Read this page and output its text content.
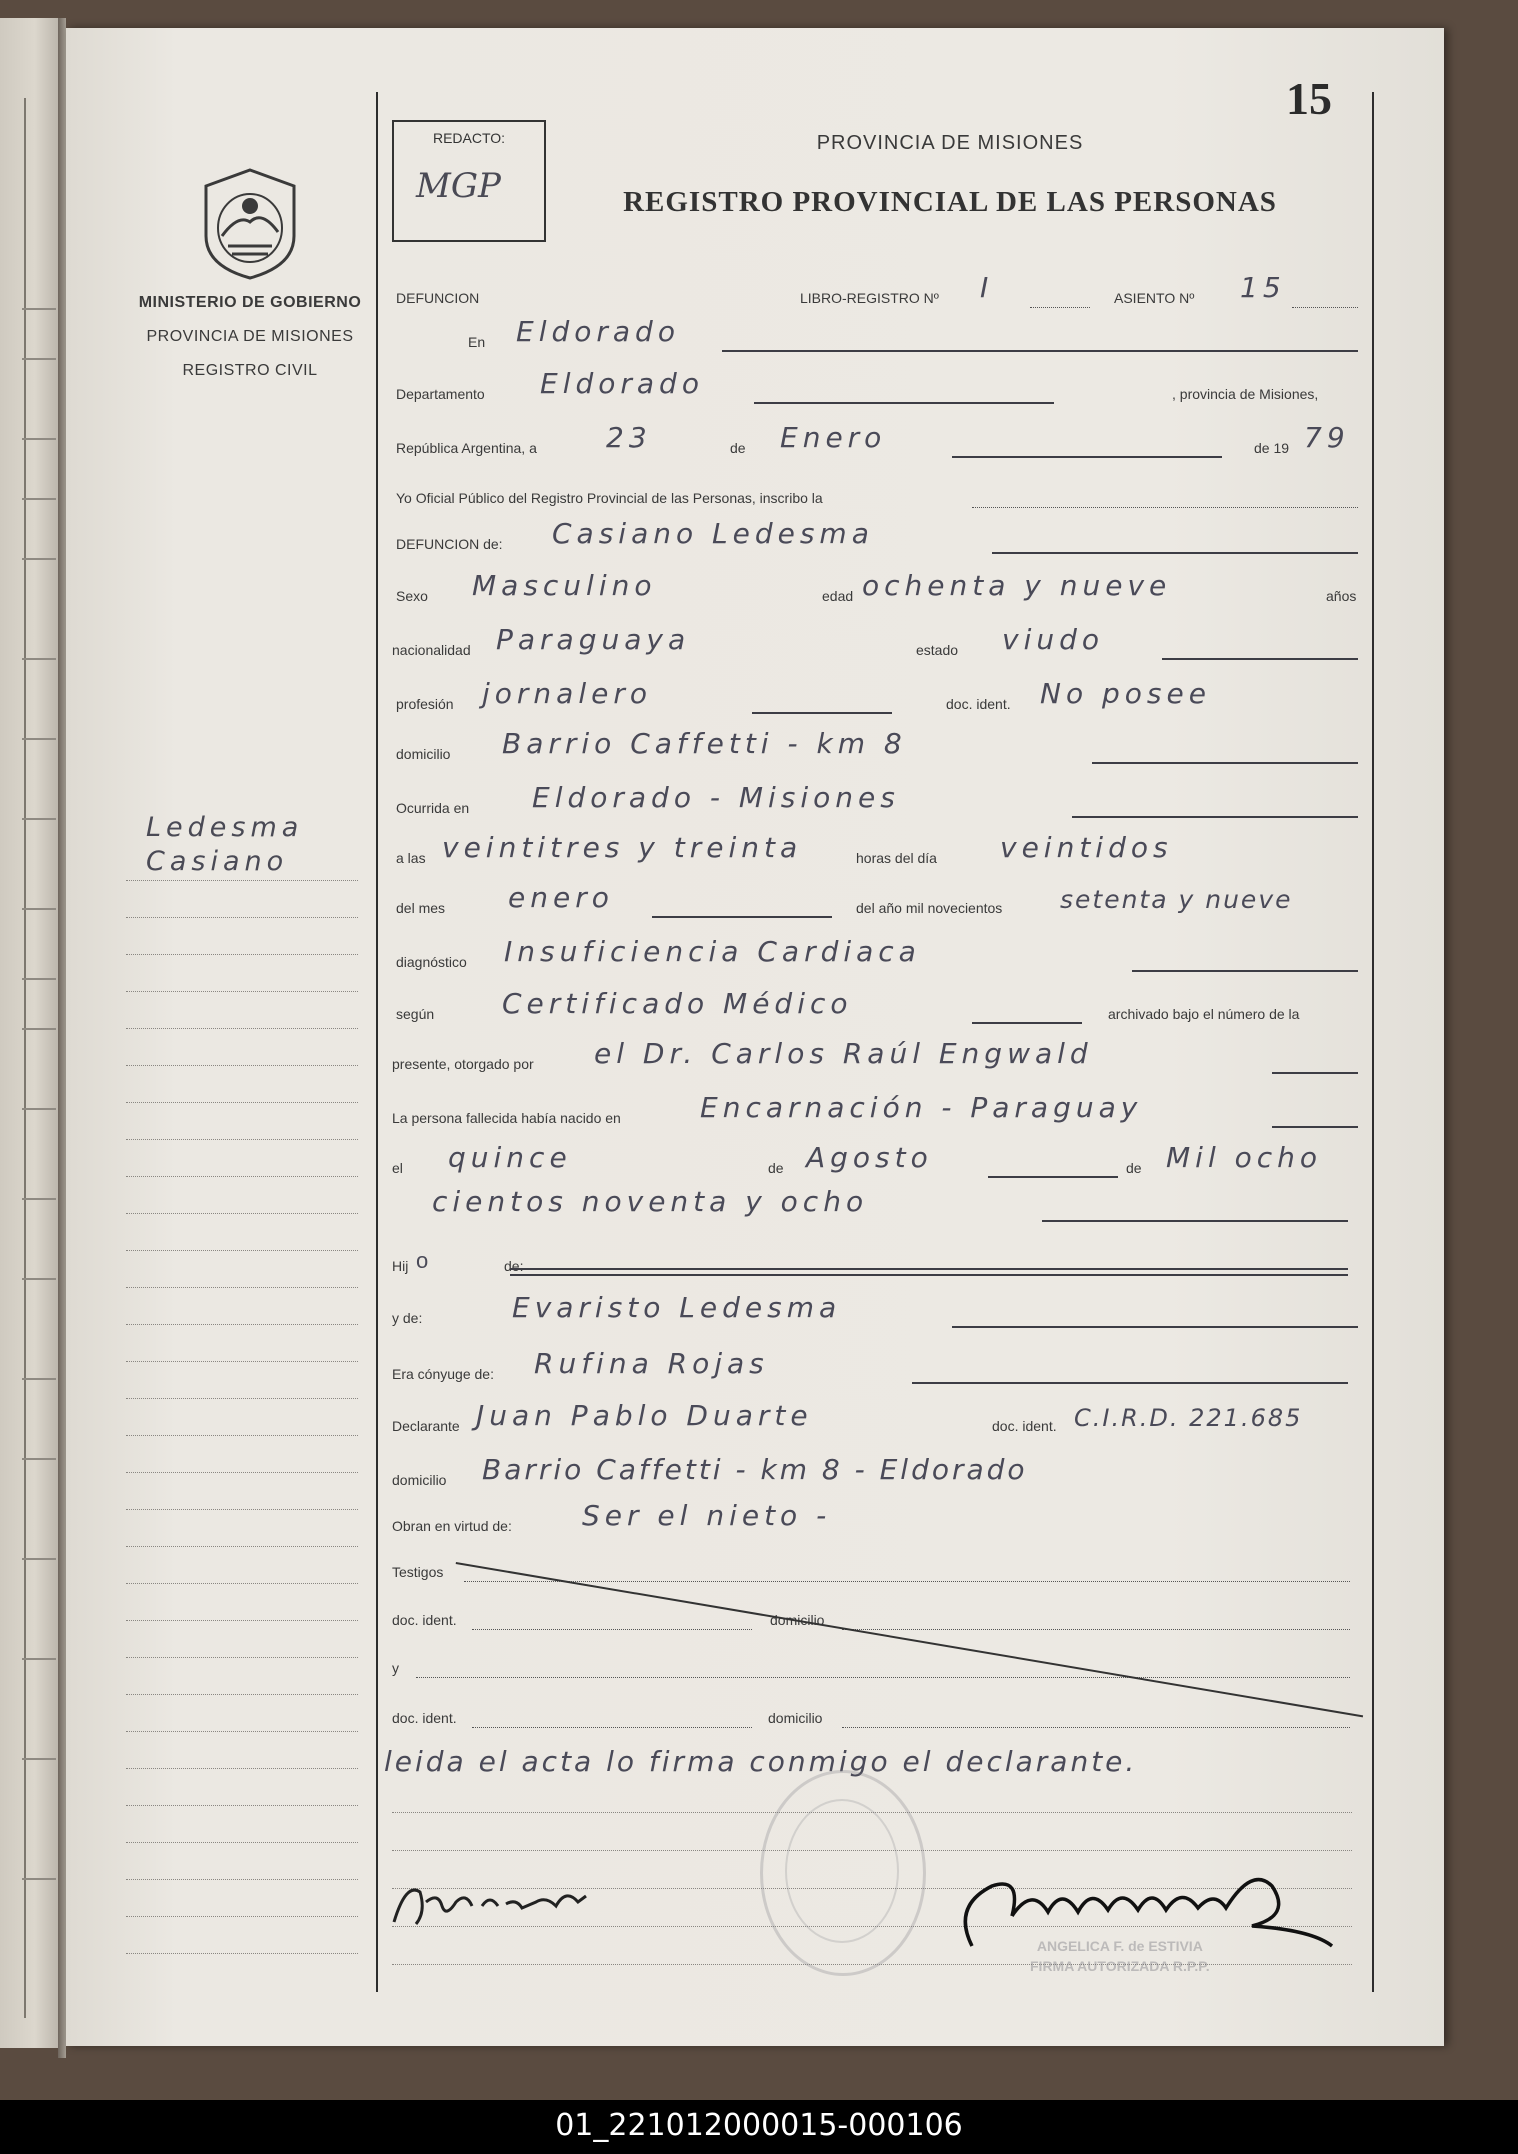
15
MINISTERIO DE GOBIERNO
PROVINCIA DE MISIONES
REGISTRO CIVIL
Ledesma
Casiano
REDACTO:
MGP
PROVINCIA DE MISIONES
REGISTRO PROVINCIAL DE LAS PERSONAS
DEFUNCION	LIBRO-REGISTRO Nº I	ASIENTO Nº 15
En Eldorado
Departamento Eldorado	, provincia de Misiones,
República Argentina, a 23	de Enero	de 19 79
Yo Oficial Público del Registro Provincial de las Personas, inscribo la
DEFUNCION de: Casiano Ledesma
Sexo Masculino	edad ochenta y nueve	años
nacionalidad Paraguaya	estado viudo
profesión jornalero	doc. ident. No posee
domicilio Barrio Caffetti - km 8
Ocurrida en Eldorado - Misiones
a las veintitres y treinta	horas del día veintidos
del mes enero	del año mil novecientos setenta y nueve
diagnóstico Insuficiencia Cardiaca
según Certificado Médico	archivado bajo el número de la
presente, otorgado por el Dr. Carlos Raúl Engwald
La persona fallecida había nacido en	Encarnación - Paraguay
el quince	de Agosto	de Mil ocho
cientos noventa y ocho
Hij o	de:
y de:	Evaristo Ledesma
Era cónyuge de: Rufina Rojas
Declarante Juan Pablo Duarte	doc. ident. C.I.R.D. 221.685
domicilio Barrio Caffetti - km 8 - Eldorado
Obran en virtud de:	Ser el nieto -
Testigos
doc. ident.	domicilio
y
doc. ident.	domicilio
leida el acta lo firma conmigo el declarante.
ANGELICA F. de ESTIVIA
FIRMA AUTORIZADA R.P.P.
01_221012000015-000106
